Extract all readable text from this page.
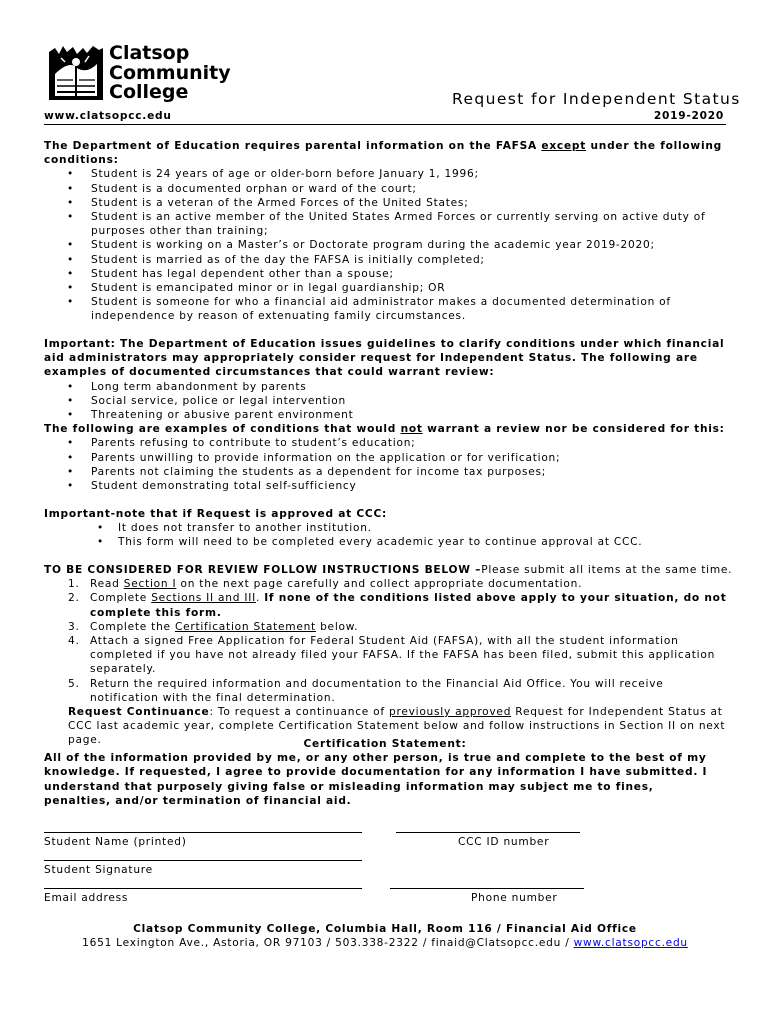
Clatsop
Community
College	Request for Independent Status
www.clatsopcc.edu	2019-2020
The Department of Education requires parental information on the FAFSA except under the following conditions:
• Student is 24 years of age or older-born before January 1, 1996;
• Student is a documented orphan or ward of the court;
• Student is a veteran of the Armed Forces of the United States;
• Student is an active member of the United States Armed Forces or currently serving on active duty of purposes other than training;
• Student is working on a Master’s or Doctorate program during the academic year 2019-2020;
• Student is married as of the day the FAFSA is initially completed;
• Student has legal dependent other than a spouse;
• Student is emancipated minor or in legal guardianship; OR
• Student is someone for who a financial aid administrator makes a documented determination of independence by reason of extenuating family circumstances.
Important: The Department of Education issues guidelines to clarify conditions under which financial aid administrators may appropriately consider request for Independent Status. The following are examples of documented circumstances that could warrant review:
• Long term abandonment by parents
• Social service, police or legal intervention
• Threatening or abusive parent environment
The following are examples of conditions that would not warrant a review nor be considered for this:
• Parents refusing to contribute to student’s education;
• Parents unwilling to provide information on the application or for verification;
• Parents not claiming the students as a dependent for income tax purposes;
• Student demonstrating total self-sufficiency
Important-note that if Request is approved at CCC:
• It does not transfer to another institution.
• This form will need to be completed every academic year to continue approval at CCC.
TO BE CONSIDERED FOR REVIEW FOLLOW INSTRUCTIONS BELOW –Please submit all items at the same time.
1. Read Section I on the next page carefully and collect appropriate documentation.
2. Complete Sections II and III. If none of the conditions listed above apply to your situation, do not complete this form.
3. Complete the Certification Statement below.
4. Attach a signed Free Application for Federal Student Aid (FAFSA), with all the student information completed if you have not already filed your FAFSA. If the FAFSA has been filed, submit this application separately.
5. Return the required information and documentation to the Financial Aid Office. You will receive notification with the final determination.
Request Continuance: To request a continuance of previously approved Request for Independent Status at CCC last academic year, complete Certification Statement below and follow instructions in Section II on next page.	Certification Statement:
All of the information provided by me, or any other person, is true and complete to the best of my knowledge. If requested, I agree to provide documentation for any information I have submitted. I understand that purposely giving false or misleading information may subject me to fines, penalties, and/or termination of financial aid.
Student Name (printed)	CCC ID number
Student Signature
Email address	Phone number
Clatsop Community College, Columbia Hall, Room 116 / Financial Aid Office
1651 Lexington Ave., Astoria, OR 97103 / 503.338-2322 / finaid@Clatsopcc.edu / www.clatsopcc.edu
